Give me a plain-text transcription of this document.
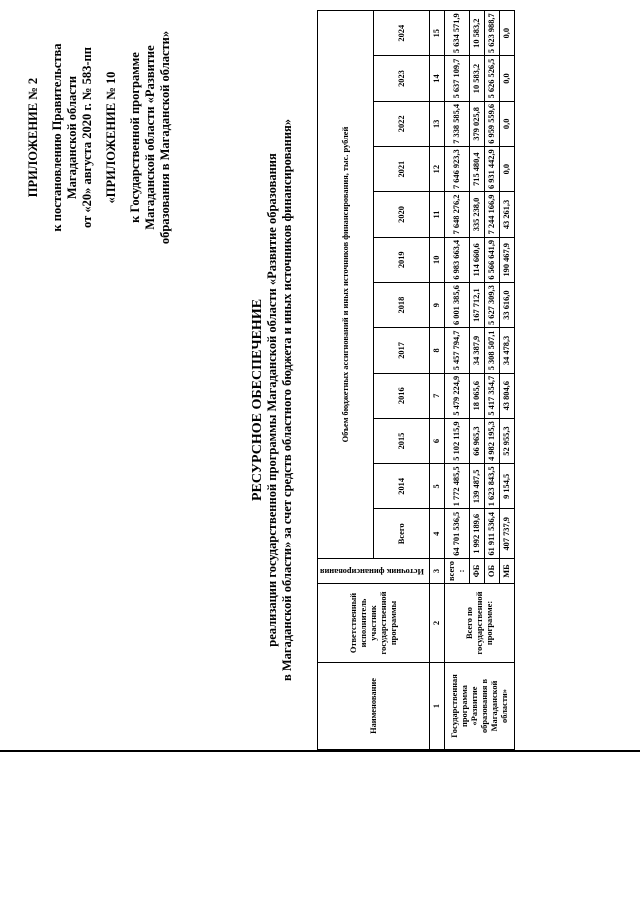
ПРИЛОЖЕНИЕ № 2 к постановлению Правительства Магаданской области от «20» августа 2020 г. № 583-пп «ПРИЛОЖЕНИЕ № 10 к Государственной программе Магаданской области «Развитие образования в Магаданской области»
РЕСУРСНОЕ ОБЕСПЕЧЕНИЕ реализации государственной программы Магаданской области «Развитие образования в Магаданской области» за счет средств областного бюджета и иных источников финансирования»
Наименование	Ответственный исполнитель участник государственной программы	Источник финансирования	Объем бюджетных ассигнований и иных источников финансирования, тыс. рублей											
			Всего	2014	2015	2016	2017	2018	2019	2020	2021	2022	2023	2024
1	2	3	4	5	6	7	8	9	10	11	12	13	14	15
Государственная программа «Развитие образования в Магаданской области»	Всего по государственной программе:	всего :	64 701 536,5	1 772 485,5	5 102 115,9	5 479 224,9	5 457 794,7	6 001 385,6	6 983 663,4	7 648 276,2	7 646 923,3	7 338 585,4	5 637 109,7	5 634 571,9
		ФБ	1 992 189,6	139 487,5	66 965,3	18 065,6	34 387,9	167 712,1	114 660,6	335 238,0	715 480,4	379 025,8	10 583,2	10 583,2
		ОБ	61 911 536,4	1 623 843,5	4 982 195,3	5 417 354,7	5 308 507,1	5 627 309,3	6 566 641,9	7 244 166,9	6 931 442,9	6 959 559,6	5 626 526,5	5 623 988,7
		МБ	407 737,9	9 154,5	52 955,3	43 804,6	34 478,3	33 616,0	190 467,9	43 261,3	0,0	0,0	0,0	0,0
